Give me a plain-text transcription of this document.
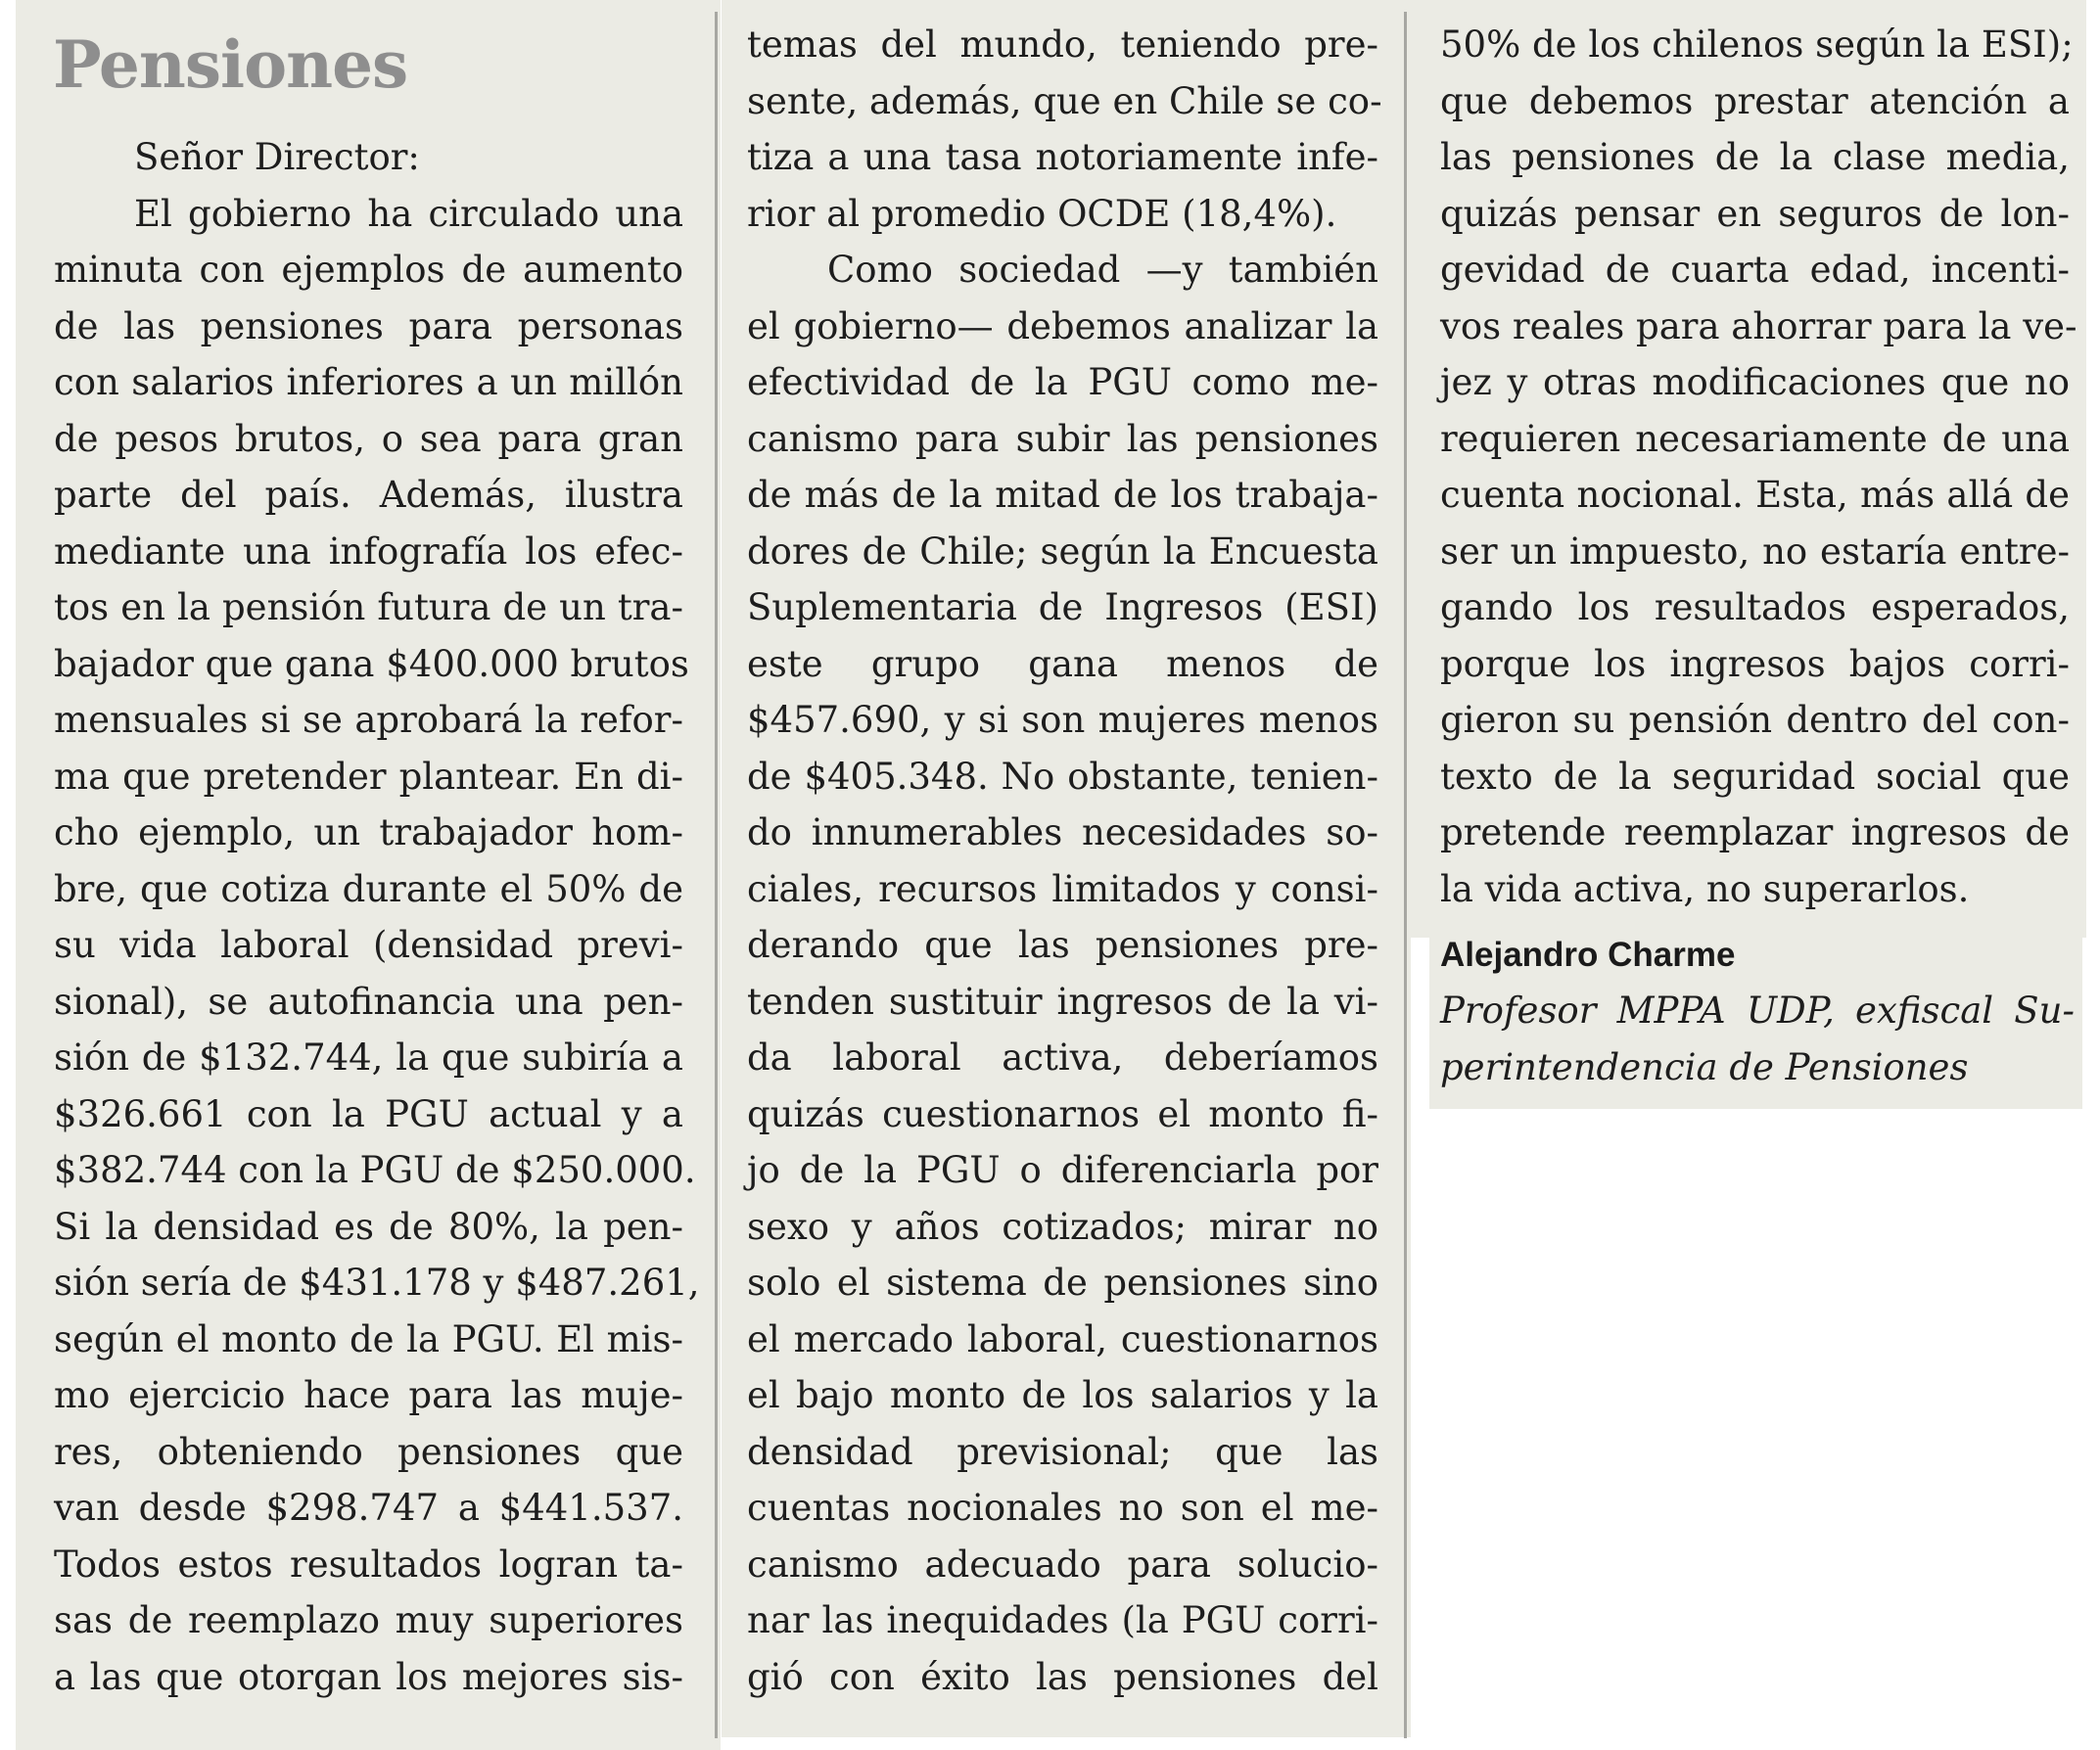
Pensiones
Señor Director:
El gobierno ha circulado una
minuta con ejemplos de aumento
de las pensiones para personas
con salarios inferiores a un millón
de pesos brutos, o sea para gran
parte del país. Además, ilustra
mediante una infografía los efec-
tos en la pensión futura de un tra-
bajador que gana $400.000 brutos
mensuales si se aprobará la refor-
ma que pretender plantear. En di-
cho ejemplo, un trabajador hom-
bre, que cotiza durante el 50% de
su vida laboral (densidad previ-
sional), se autofinancia una pen-
sión de $132.744, la que subiría a
$326.661 con la PGU actual y a
$382.744 con la PGU de $250.000.
Si la densidad es de 80%, la pen-
sión sería de $431.178 y $487.261,
según el monto de la PGU. El mis-
mo ejercicio hace para las muje-
res, obteniendo pensiones que
van desde $298.747 a $441.537.
Todos estos resultados logran ta-
sas de reemplazo muy superiores
a las que otorgan los mejores sis-
temas del mundo, teniendo pre-
sente, además, que en Chile se co-
tiza a una tasa notoriamente infe-
rior al promedio OCDE (18,4%).
Como sociedad —y también
el gobierno— debemos analizar la
efectividad de la PGU como me-
canismo para subir las pensiones
de más de la mitad de los trabaja-
dores de Chile; según la Encuesta
Suplementaria de Ingresos (ESI)
este grupo gana menos de
$457.690, y si son mujeres menos
de $405.348. No obstante, tenien-
do innumerables necesidades so-
ciales, recursos limitados y consi-
derando que las pensiones pre-
tenden sustituir ingresos de la vi-
da laboral activa, deberíamos
quizás cuestionarnos el monto fi-
jo de la PGU o diferenciarla por
sexo y años cotizados; mirar no
solo el sistema de pensiones sino
el mercado laboral, cuestionarnos
el bajo monto de los salarios y la
densidad previsional; que las
cuentas nocionales no son el me-
canismo adecuado para solucio-
nar las inequidades (la PGU corri-
gió con éxito las pensiones del
50% de los chilenos según la ESI);
que debemos prestar atención a
las pensiones de la clase media,
quizás pensar en seguros de lon-
gevidad de cuarta edad, incenti-
vos reales para ahorrar para la ve-
jez y otras modificaciones que no
requieren necesariamente de una
cuenta nocional. Esta, más allá de
ser un impuesto, no estaría entre-
gando los resultados esperados,
porque los ingresos bajos corri-
gieron su pensión dentro del con-
texto de la seguridad social que
pretende reemplazar ingresos de
la vida activa, no superarlos.
Alejandro Charme
Profesor MPPA UDP, exfiscal Su-
perintendencia de Pensiones
